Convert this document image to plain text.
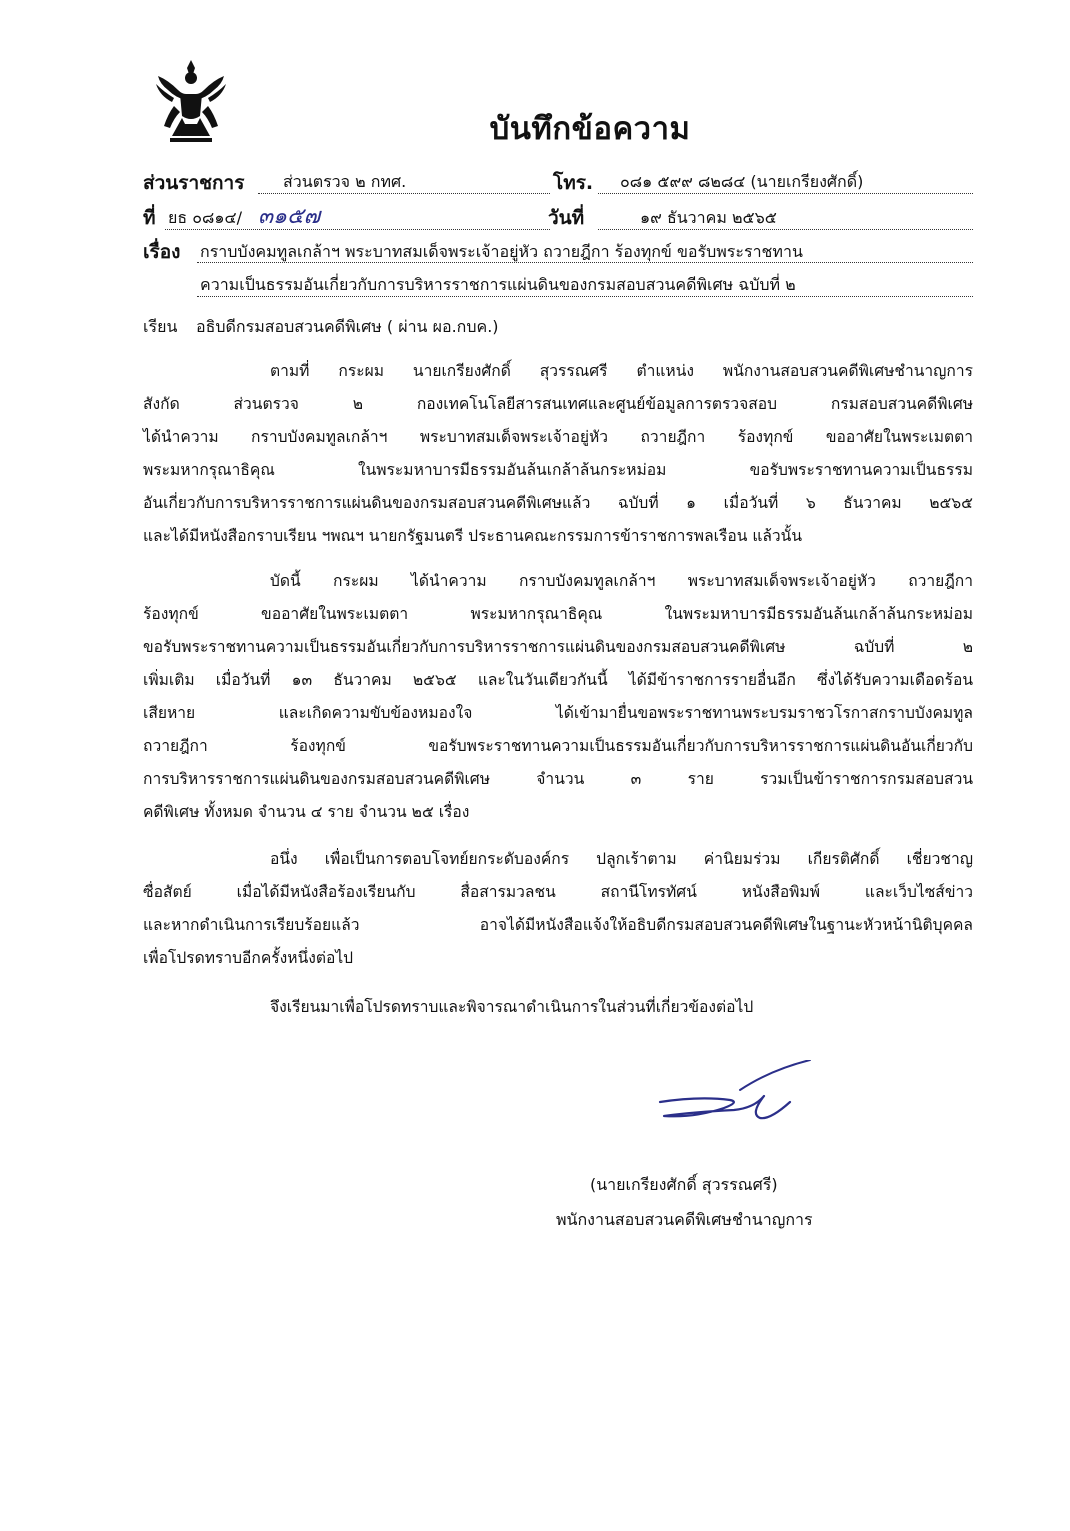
บันทึกข้อความ
ส่วนราชการ ส่วนตรวจ ๒ กทศ.	โทร. ๐๘๑ ๕๙๙ ๘๒๘๔ (นายเกรียงศักดิ์)
ที่ ยธ ๐๘๑๔/ ๓๑๕๗	วันที่	๑๙ ธันวาคม ๒๕๖๕
เรื่อง กราบบังคมทูลเกล้าฯ พระบาทสมเด็จพระเจ้าอยู่หัว ถวายฎีกา ร้องทุกข์ ขอรับพระราชทาน
ความเป็นธรรมอันเกี่ยวกับการบริหารราชการแผ่นดินของกรมสอบสวนคดีพิเศษ ฉบับที่ ๒
เรียน อธิบดีกรมสอบสวนคดีพิเศษ ( ผ่าน ผอ.กบค.)
ตามที่ กระผม นายเกรียงศักดิ์ สุวรรณศรี ตำแหน่ง พนักงานสอบสวนคดีพิเศษชำนาญการ
สังกัด ส่วนตรวจ ๒ กองเทคโนโลยีสารสนเทศและศูนย์ข้อมูลการตรวจสอบ กรมสอบสวนคดีพิเศษ
ได้นำความ กราบบังคมทูลเกล้าฯ พระบาทสมเด็จพระเจ้าอยู่หัว ถวายฎีกา ร้องทุกข์ ขออาศัยในพระเมตตา
พระมหากรุณาธิคุณ ในพระมหาบารมีธรรมอันล้นเกล้าล้นกระหม่อม ขอรับพระราชทานความเป็นธรรม
อันเกี่ยวกับการบริหารราชการแผ่นดินของกรมสอบสวนคดีพิเศษแล้ว ฉบับที่ ๑ เมื่อวันที่ ๖ ธันวาคม ๒๕๖๕
และได้มีหนังสือกราบเรียน ฯพณฯ นายกรัฐมนตรี ประธานคณะกรรมการข้าราชการพลเรือน แล้วนั้น
บัดนี้ กระผม ได้นำความ กราบบังคมทูลเกล้าฯ พระบาทสมเด็จพระเจ้าอยู่หัว ถวายฎีกา
ร้องทุกข์ ขออาศัยในพระเมตตา พระมหากรุณาธิคุณ ในพระมหาบารมีธรรมอันล้นเกล้าล้นกระหม่อม
ขอรับพระราชทานความเป็นธรรมอันเกี่ยวกับการบริหารราชการแผ่นดินของกรมสอบสวนคดีพิเศษ ฉบับที่ ๒
เพิ่มเติม เมื่อวันที่ ๑๓ ธันวาคม ๒๕๖๕ และในวันเดียวกันนี้ ได้มีข้าราชการรายอื่นอีก ซึ่งได้รับความเดือดร้อน
เสียหาย และเกิดความขับข้องหมองใจ ได้เข้ามายื่นขอพระราชทานพระบรมราชวโรกาสกราบบังคมทูล
ถวายฎีกา ร้องทุกข์ ขอรับพระราชทานความเป็นธรรมอันเกี่ยวกับการบริหารราชการแผ่นดินอันเกี่ยวกับ
การบริหารราชการแผ่นดินของกรมสอบสวนคดีพิเศษ จำนวน ๓ ราย รวมเป็นข้าราชการกรมสอบสวน
คดีพิเศษ ทั้งหมด จำนวน ๔ ราย จำนวน ๒๕ เรื่อง
อนึ่ง เพื่อเป็นการตอบโจทย์ยกระดับองค์กร ปลูกเร้าตาม ค่านิยมร่วม เกียรติศักดิ์ เชี่ยวชาญ
ซื่อสัตย์ เมื่อได้มีหนังสือร้องเรียนกับ สื่อสารมวลชน สถานีโทรทัศน์ หนังสือพิมพ์ และเว็บไซส์ข่าว
และหากดำเนินการเรียบร้อยแล้ว อาจได้มีหนังสือแจ้งให้อธิบดีกรมสอบสวนคดีพิเศษในฐานะหัวหน้านิติบุคคล
เพื่อโปรดทราบอีกครั้งหนึ่งต่อไป
จึงเรียนมาเพื่อโปรดทราบและพิจารณาดำเนินการในส่วนที่เกี่ยวข้องต่อไป
(นายเกรียงศักดิ์ สุวรรณศรี)
พนักงานสอบสวนคดีพิเศษชำนาญการ
